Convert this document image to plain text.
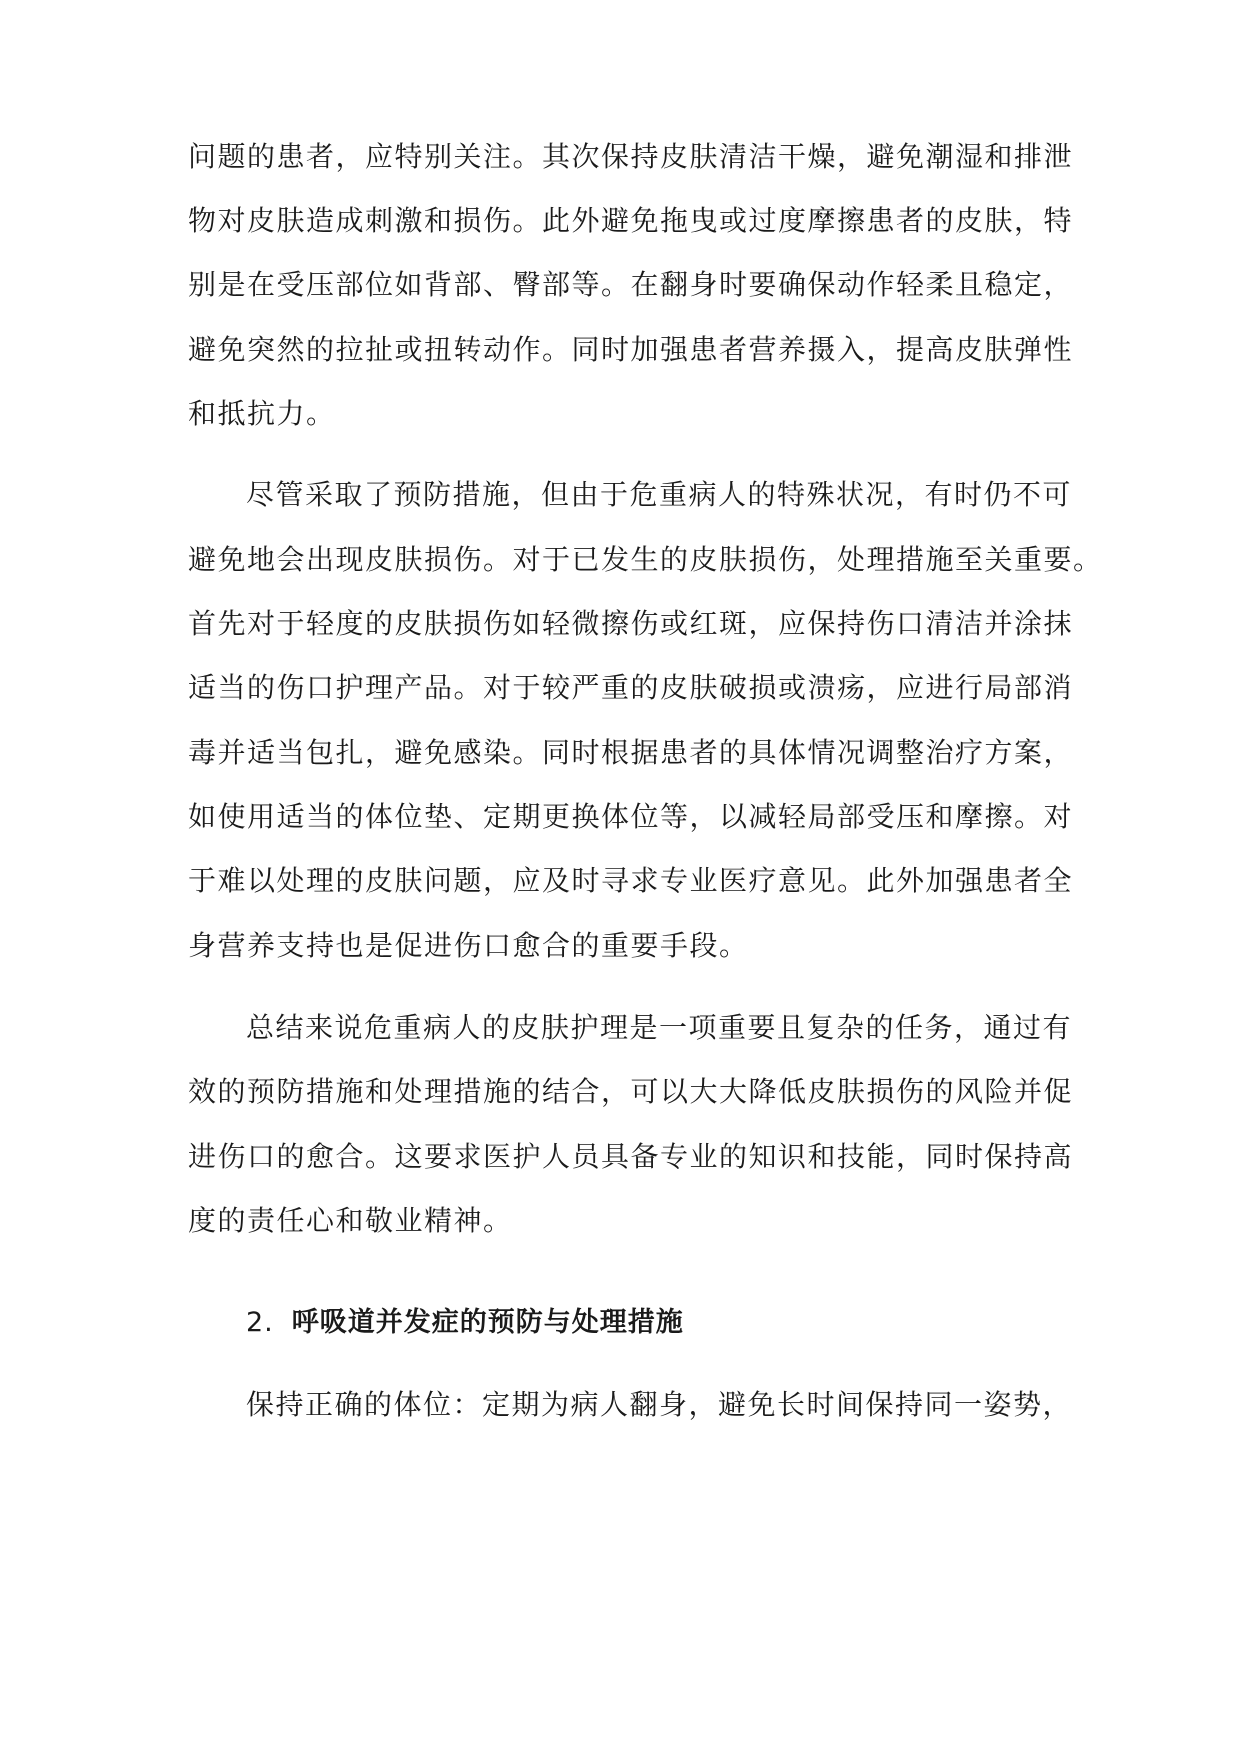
问题的患者，应特别关注。其次保持皮肤清洁干燥，避免潮湿和排泄
物对皮肤造成刺激和损伤。此外避免拖曳或过度摩擦患者的皮肤，特
别是在受压部位如背部、臀部等。在翻身时要确保动作轻柔且稳定，
避免突然的拉扯或扭转动作。同时加强患者营养摄入，提高皮肤弹性
和抵抗力。
尽管采取了预防措施，但由于危重病人的特殊状况，有时仍不可
避免地会出现皮肤损伤。对于已发生的皮肤损伤，处理措施至关重要。
首先对于轻度的皮肤损伤如轻微擦伤或红斑，应保持伤口清洁并涂抹
适当的伤口护理产品。对于较严重的皮肤破损或溃疡，应进行局部消
毒并适当包扎，避免感染。同时根据患者的具体情况调整治疗方案，
如使用适当的体位垫、定期更换体位等，以减轻局部受压和摩擦。对
于难以处理的皮肤问题，应及时寻求专业医疗意见。此外加强患者全
身营养支持也是促进伤口愈合的重要手段。
总结来说危重病人的皮肤护理是一项重要且复杂的任务，通过有
效的预防措施和处理措施的结合，可以大大降低皮肤损伤的风险并促
进伤口的愈合。这要求医护人员具备专业的知识和技能，同时保持高
度的责任心和敬业精神。
2. 呼吸道并发症的预防与处理措施
保持正确的体位：定期为病人翻身，避免长时间保持同一姿势，
